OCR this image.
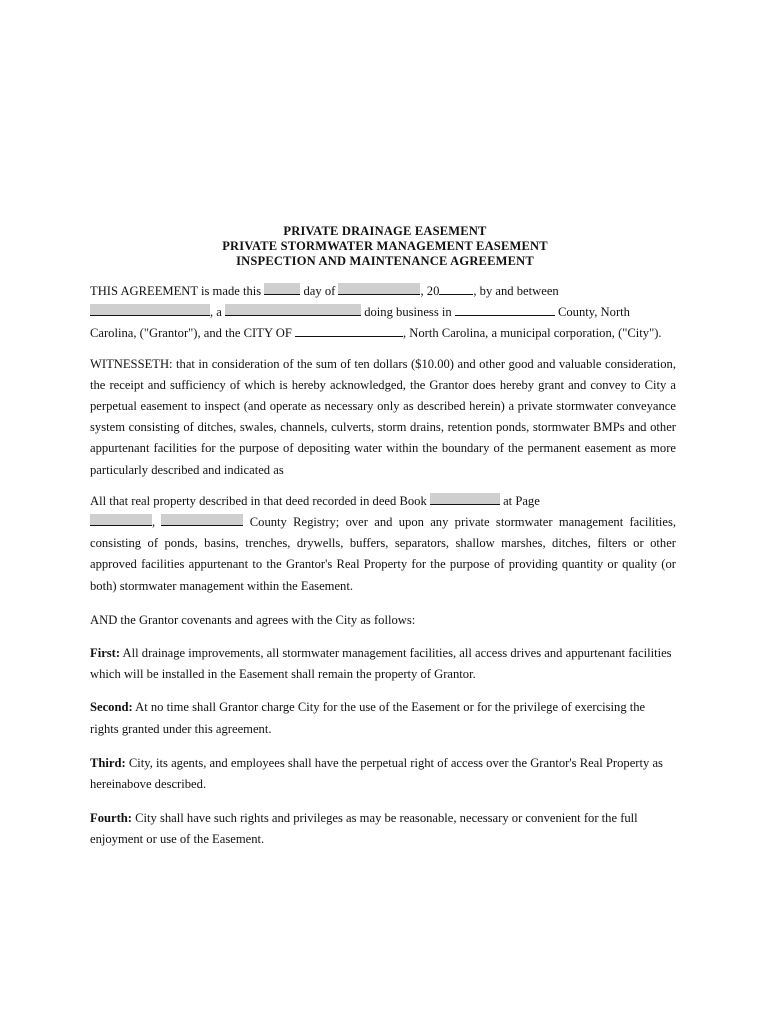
PRIVATE DRAINAGE EASEMENT
PRIVATE STORMWATER MANAGEMENT EASEMENT
INSPECTION AND MAINTENANCE AGREEMENT

THIS AGREEMENT is made this	day of	, 20	, by and between
, a	doing business in	County, North
Carolina, ("Grantor"), and the CITY OF	, North Carolina, a municipal corporation, ("City").

WITNESSETH: that in consideration of the sum of ten dollars ($10.00) and other good and valuable consideration, the receipt and sufficiency of which is hereby acknowledged, the Grantor does hereby grant and convey to City a perpetual easement to inspect (and operate as necessary only as described herein) a private stormwater conveyance system consisting of ditches, swales, channels, culverts, storm drains, retention ponds, stormwater BMPs and other appurtenant facilities for the purpose of depositing water within the boundary of the permanent easement as more particularly described and indicated as

All that real property described in that deed recorded in deed Book	at Page
,	County Registry; over and upon any private stormwater management facilities, consisting of ponds, basins, trenches, drywells, buffers, separators, shallow marshes, ditches, filters or other approved facilities appurtenant to the Grantor's Real Property for the purpose of providing quantity or quality (or both) stormwater management within the Easement.

AND the Grantor covenants and agrees with the City as follows:

First: All drainage improvements, all stormwater management facilities, all access drives and appurtenant facilities which will be installed in the Easement shall remain the property of Grantor.

Second: At no time shall Grantor charge City for the use of the Easement or for the privilege of exercising the rights granted under this agreement.

Third: City, its agents, and employees shall have the perpetual right of access over the Grantor's Real Property as hereinabove described.

Fourth: City shall have such rights and privileges as may be reasonable, necessary or convenient for the full enjoyment or use of the Easement.
